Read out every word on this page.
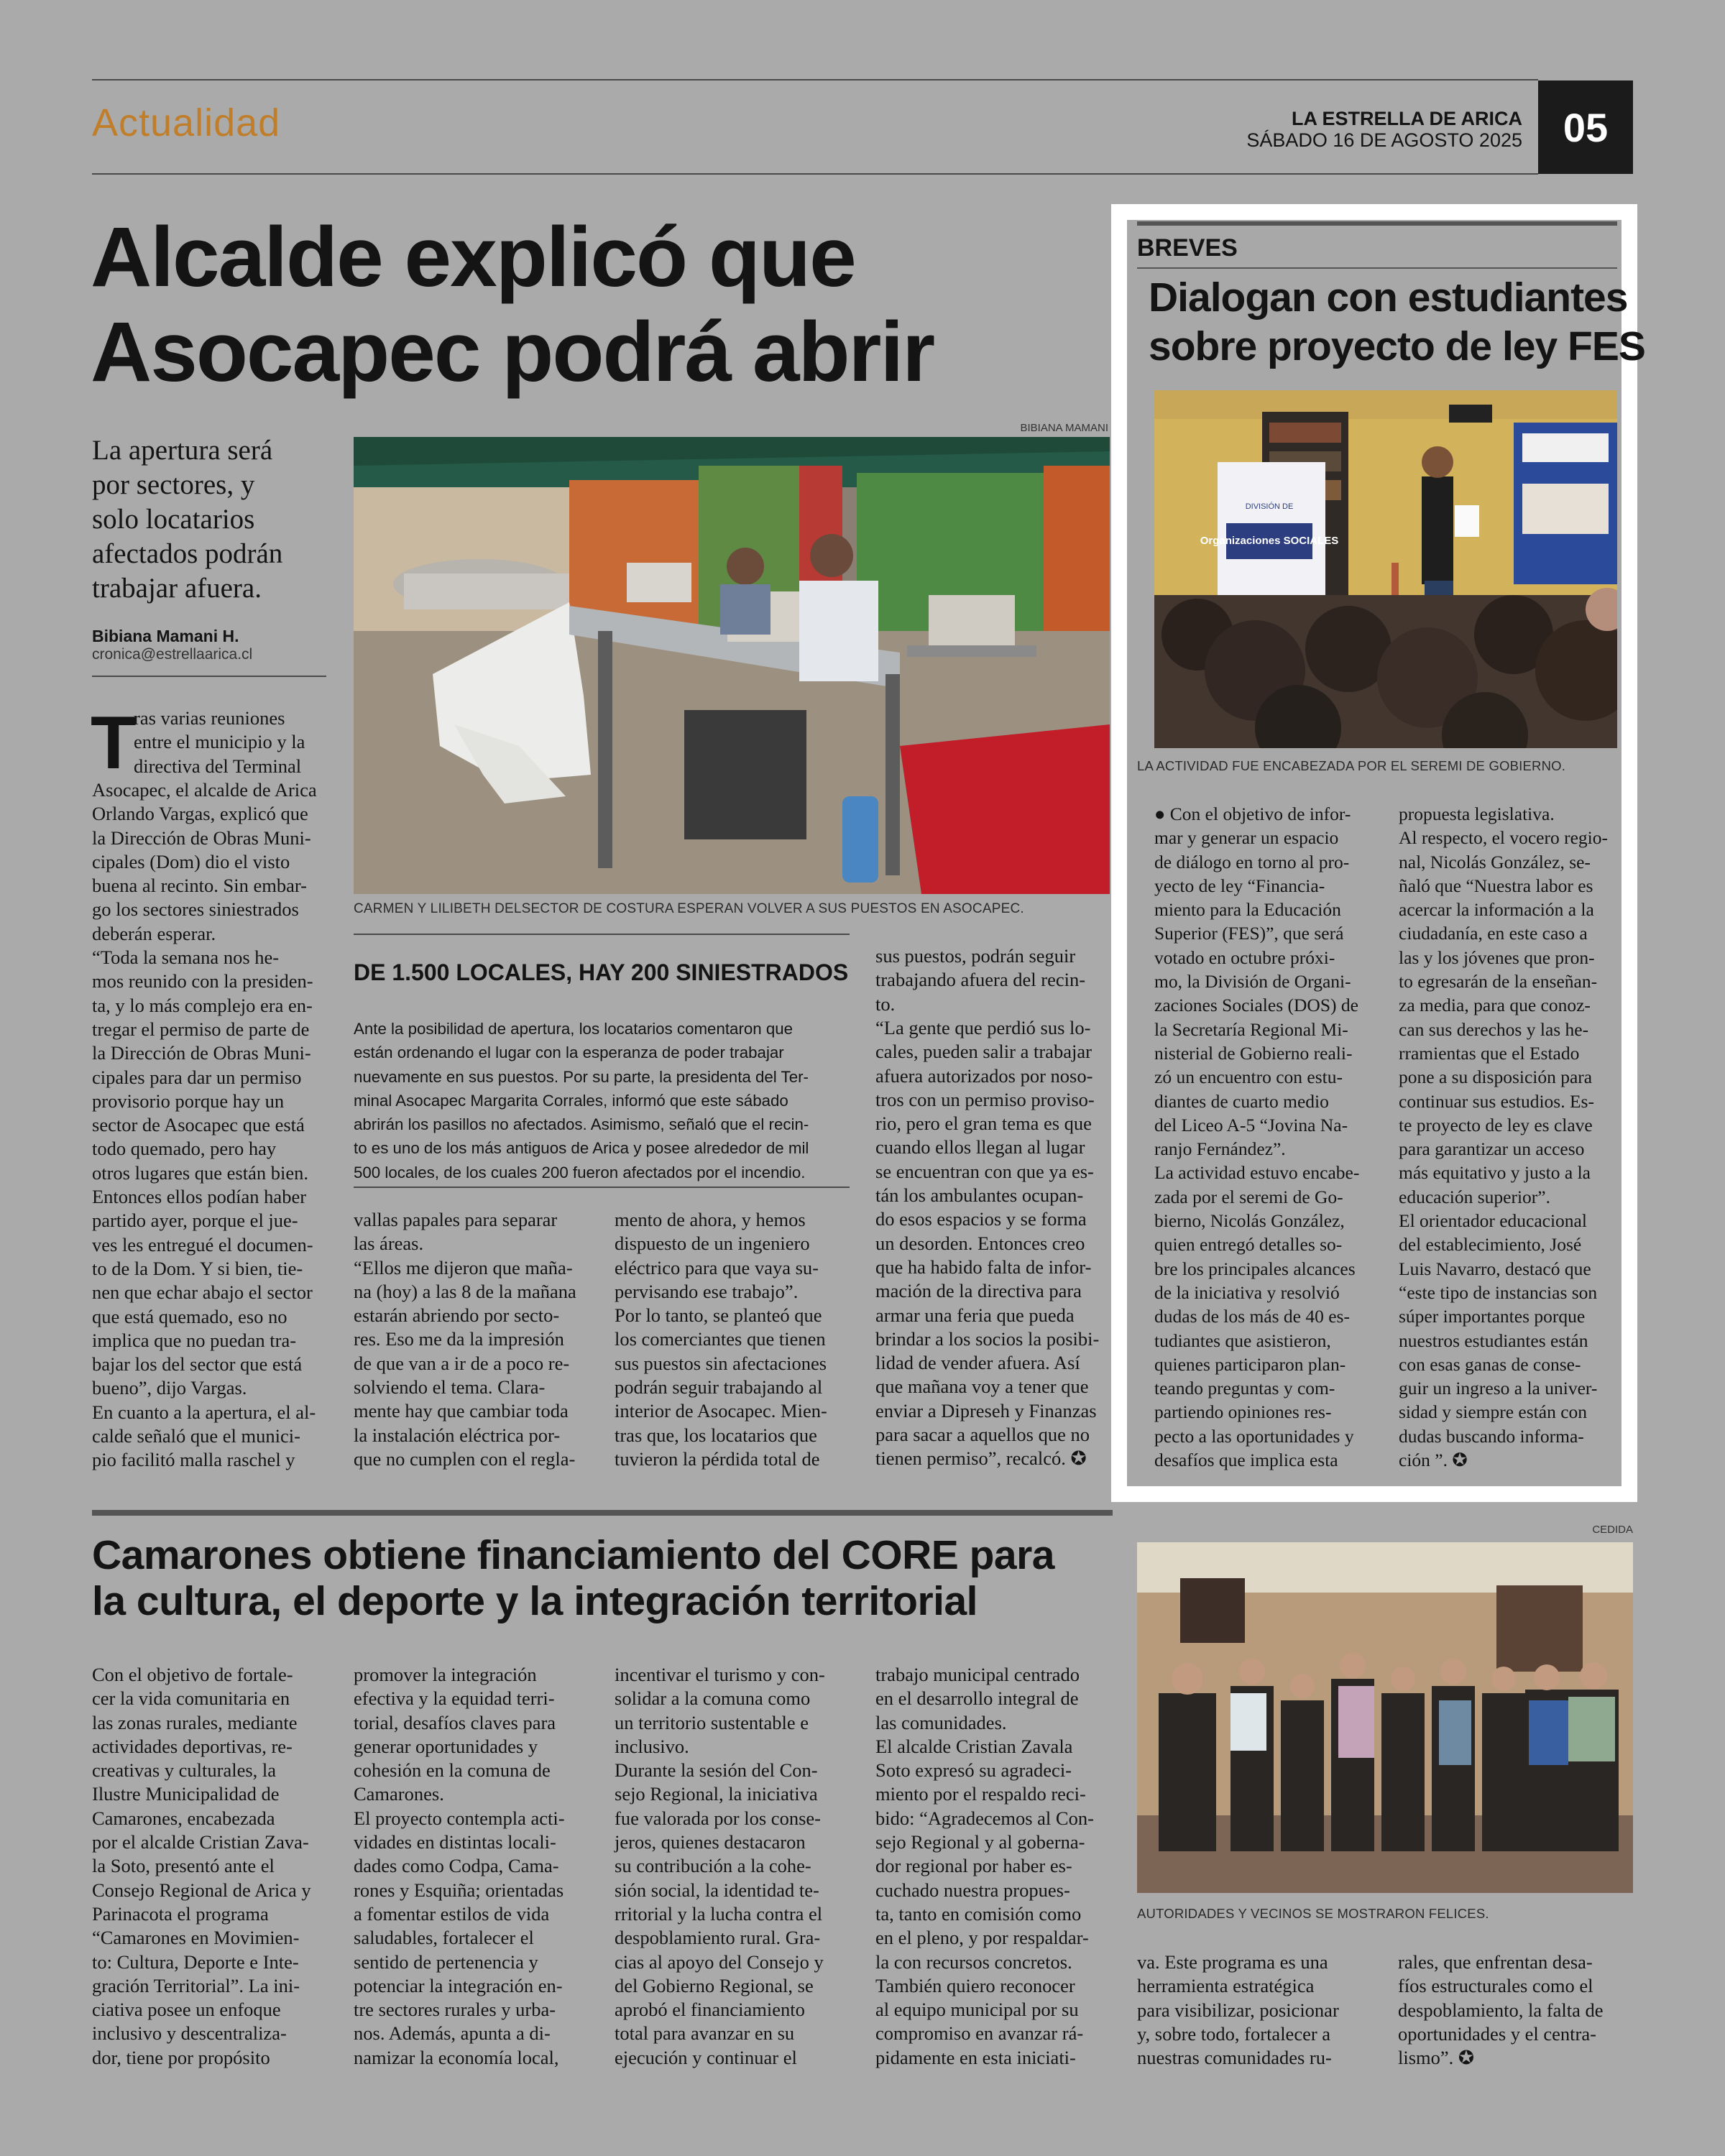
Actualidad	LA ESTRELLA DE ARICA
SÁBADO 16 DE AGOSTO 2025	05
Alcalde explicó que
Asocapec podrá abrir
La apertura será
por sectores, y
solo locatarios
afectados podrán
trabajar afuera.
Bibiana Mamani H.
cronica@estrellaarica.cl
BIBIANA MAMANI
CARMEN Y LILIBETH DELSECTOR DE COSTURA ESPERAN VOLVER A SUS PUESTOS EN ASOCAPEC.
T
ras varias reuniones
entre el municipio y la
directiva del Terminal
Asocapec, el alcalde de Arica
Orlando Vargas, explicó que
la Dirección de Obras Muni-
cipales (Dom) dio el visto
buena al recinto. Sin embar-
go los sectores siniestrados
deberán esperar.
“Toda la semana nos he-
mos reunido con la presiden-
ta, y lo más complejo era en-
tregar el permiso de parte de
la Dirección de Obras Muni-
cipales para dar un permiso
provisorio porque hay un
sector de Asocapec que está
todo quemado, pero hay
otros lugares que están bien.
Entonces ellos podían haber
partido ayer, porque el jue-
ves les entregué el documen-
to de la Dom. Y si bien, tie-
nen que echar abajo el sector
que está quemado, eso no
implica que no puedan tra-
bajar los del sector que está
bueno”, dijo Vargas.
En cuanto a la apertura, el al-
calde señaló que el munici-
pio facilitó malla raschel y
DE 1.500 LOCALES, HAY 200 SINIESTRADOS
Ante la posibilidad de apertura, los locatarios comentaron que
están ordenando el lugar con la esperanza de poder trabajar
nuevamente en sus puestos. Por su parte, la presidenta del Ter-
minal Asocapec Margarita Corrales, informó que este sábado
abrirán los pasillos no afectados. Asimismo, señaló que el recin-
to es uno de los más antiguos de Arica y posee alrededor de mil
500 locales, de los cuales 200 fueron afectados por el incendio.
vallas papales para separar
las áreas.
“Ellos me dijeron que maña-
na (hoy) a las 8 de la mañana
estarán abriendo por secto-
res. Eso me da la impresión
de que van a ir de a poco re-
solviendo el tema. Clara-
mente hay que cambiar toda
la instalación eléctrica por-
que no cumplen con el regla-
mento de ahora, y hemos
dispuesto de un ingeniero
eléctrico para que vaya su-
pervisando ese trabajo”.
Por lo tanto, se planteó que
los comerciantes que tienen
sus puestos sin afectaciones
podrán seguir trabajando al
interior de Asocapec. Mien-
tras que, los locatarios que
tuvieron la pérdida total de
sus puestos, podrán seguir
trabajando afuera del recin-
to.
“La gente que perdió sus lo-
cales, pueden salir a trabajar
afuera autorizados por noso-
tros con un permiso proviso-
rio, pero el gran tema es que
cuando ellos llegan al lugar
se encuentran con que ya es-
tán los ambulantes ocupan-
do esos espacios y se forma
un desorden. Entonces creo
que ha habido falta de infor-
mación de la directiva para
armar una feria que pueda
brindar a los socios la posibi-
lidad de vender afuera. Así
que mañana voy a tener que
enviar a Dipreseh y Finanzas
para sacar a aquellos que no
tienen permiso”, recalcó. ✪
BREVES
Dialogan con estudiantes
sobre proyecto de ley FES
DIVISIÓN DE
Organizaciones SOCIALES
LA ACTIVIDAD FUE ENCABEZADA POR EL SEREMI DE GOBIERNO.
● Con el objetivo de infor-
mar y generar un espacio
de diálogo en torno al pro-
yecto de ley “Financia-
miento para la Educación
Superior (FES)”, que será
votado en octubre próxi-
mo, la División de Organi-
zaciones Sociales (DOS) de
la Secretaría Regional Mi-
nisterial de Gobierno reali-
zó un encuentro con estu-
diantes de cuarto medio
del Liceo A-5 “Jovina Na-
ranjo Fernández”.
La actividad estuvo encabe-
zada por el seremi de Go-
bierno, Nicolás González,
quien entregó detalles so-
bre los principales alcances
de la iniciativa y resolvió
dudas de los más de 40 es-
tudiantes que asistieron,
quienes participaron plan-
teando preguntas y com-
partiendo opiniones res-
pecto a las oportunidades y
desafíos que implica esta
propuesta legislativa.
Al respecto, el vocero regio-
nal, Nicolás González, se-
ñaló que “Nuestra labor es
acercar la información a la
ciudadanía, en este caso a
las y los jóvenes que pron-
to egresarán de la enseñan-
za media, para que conoz-
can sus derechos y las he-
rramientas que el Estado
pone a su disposición para
continuar sus estudios. Es-
te proyecto de ley es clave
para garantizar un acceso
más equitativo y justo a la
educación superior”.
El orientador educacional
del establecimiento, José
Luis Navarro, destacó que
“este tipo de instancias son
súper importantes porque
nuestros estudiantes están
con esas ganas de conse-
guir un ingreso a la univer-
sidad y siempre están con
dudas buscando informa-
ción ”. ✪
Camarones obtiene financiamiento del CORE para
la cultura, el deporte y la integración territorial
CEDIDA
AUTORIDADES Y VECINOS SE MOSTRARON FELICES.
Con el objetivo de fortale-
cer la vida comunitaria en
las zonas rurales, mediante
actividades deportivas, re-
creativas y culturales, la
Ilustre Municipalidad de
Camarones, encabezada
por el alcalde Cristian Zava-
la Soto, presentó ante el
Consejo Regional de Arica y
Parinacota el programa
“Camarones en Movimien-
to: Cultura, Deporte e Inte-
gración Territorial”. La ini-
ciativa posee un enfoque
inclusivo y descentraliza-
dor, tiene por propósito
promover la integración
efectiva y la equidad terri-
torial, desafíos claves para
generar oportunidades y
cohesión en la comuna de
Camarones.
El proyecto contempla acti-
vidades en distintas locali-
dades como Codpa, Cama-
rones y Esquiña; orientadas
a fomentar estilos de vida
saludables, fortalecer el
sentido de pertenencia y
potenciar la integración en-
tre sectores rurales y urba-
nos. Además, apunta a di-
namizar la economía local,
incentivar el turismo y con-
solidar a la comuna como
un territorio sustentable e
inclusivo.
Durante la sesión del Con-
sejo Regional, la iniciativa
fue valorada por los conse-
jeros, quienes destacaron
su contribución a la cohe-
sión social, la identidad te-
rritorial y la lucha contra el
despoblamiento rural. Gra-
cias al apoyo del Consejo y
del Gobierno Regional, se
aprobó el financiamiento
total para avanzar en su
ejecución y continuar el
trabajo municipal centrado
en el desarrollo integral de
las comunidades.
El alcalde Cristian Zavala
Soto expresó su agradeci-
miento por el respaldo reci-
bido: “Agradecemos al Con-
sejo Regional y al goberna-
dor regional por haber es-
cuchado nuestra propues-
ta, tanto en comisión como
en el pleno, y por respaldar-
la con recursos concretos.
También quiero reconocer
al equipo municipal por su
compromiso en avanzar rá-
pidamente en esta iniciati-
va. Este programa es una
herramienta estratégica
para visibilizar, posicionar
y, sobre todo, fortalecer a
nuestras comunidades ru-
rales, que enfrentan desa-
fíos estructurales como el
despoblamiento, la falta de
oportunidades y el centra-
lismo”. ✪
